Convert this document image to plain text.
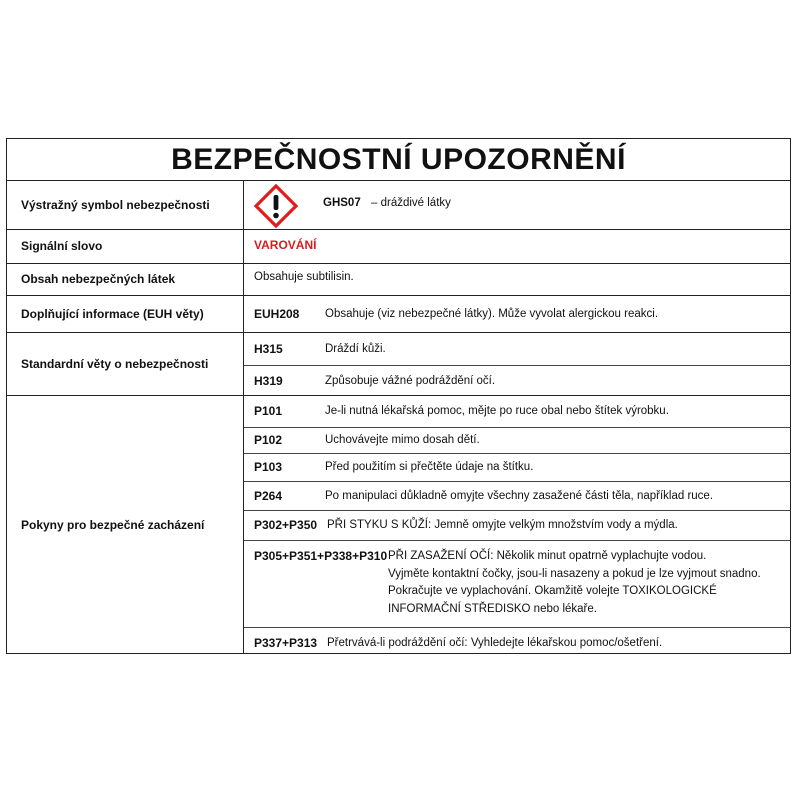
BEZPEČNOSTNÍ UPOZORNĚNÍ
Výstražný symbol nebezpečnosti	GHS07 – dráždivé látky
Signální slovo	VAROVÁNÍ
Obsah nebezpečných látek	Obsahuje subtilisin.
Doplňující informace (EUH věty)	EUH208 Obsahuje (viz nebezpečné látky). Může vyvolat alergickou reakci.
Standardní věty o nebezpečnosti
H315	Dráždí kůži.
H319	Způsobuje vážné podráždění očí.
Pokyny pro bezpečné zacházení
P101	Je-li nutná lékařská pomoc, mějte po ruce obal nebo štítek výrobku.
P102	Uchovávejte mimo dosah dětí.
P103	Před použitím si přečtěte údaje na štítku.
P264	Po manipulaci důkladně omyjte všechny zasažené části těla, například ruce.
P302+P350 PŘI STYKU S KŮŽÍ: Jemně omyjte velkým množstvím vody a mýdla.
P305+P351+P338+P310 PŘI ZASAŽENÍ OČÍ: Několik minut opatrně vyplachujte vodou.
Vyjměte kontaktní čočky, jsou-li nasazeny a pokud je lze vyjmout snadno.
Pokračujte ve vyplachování. Okamžitě volejte TOXIKOLOGICKÉ
INFORMAČNÍ STŘEDISKO nebo lékaře.
P337+P313 Přetrvává-li podráždění očí: Vyhledejte lékařskou pomoc/ošetření.
